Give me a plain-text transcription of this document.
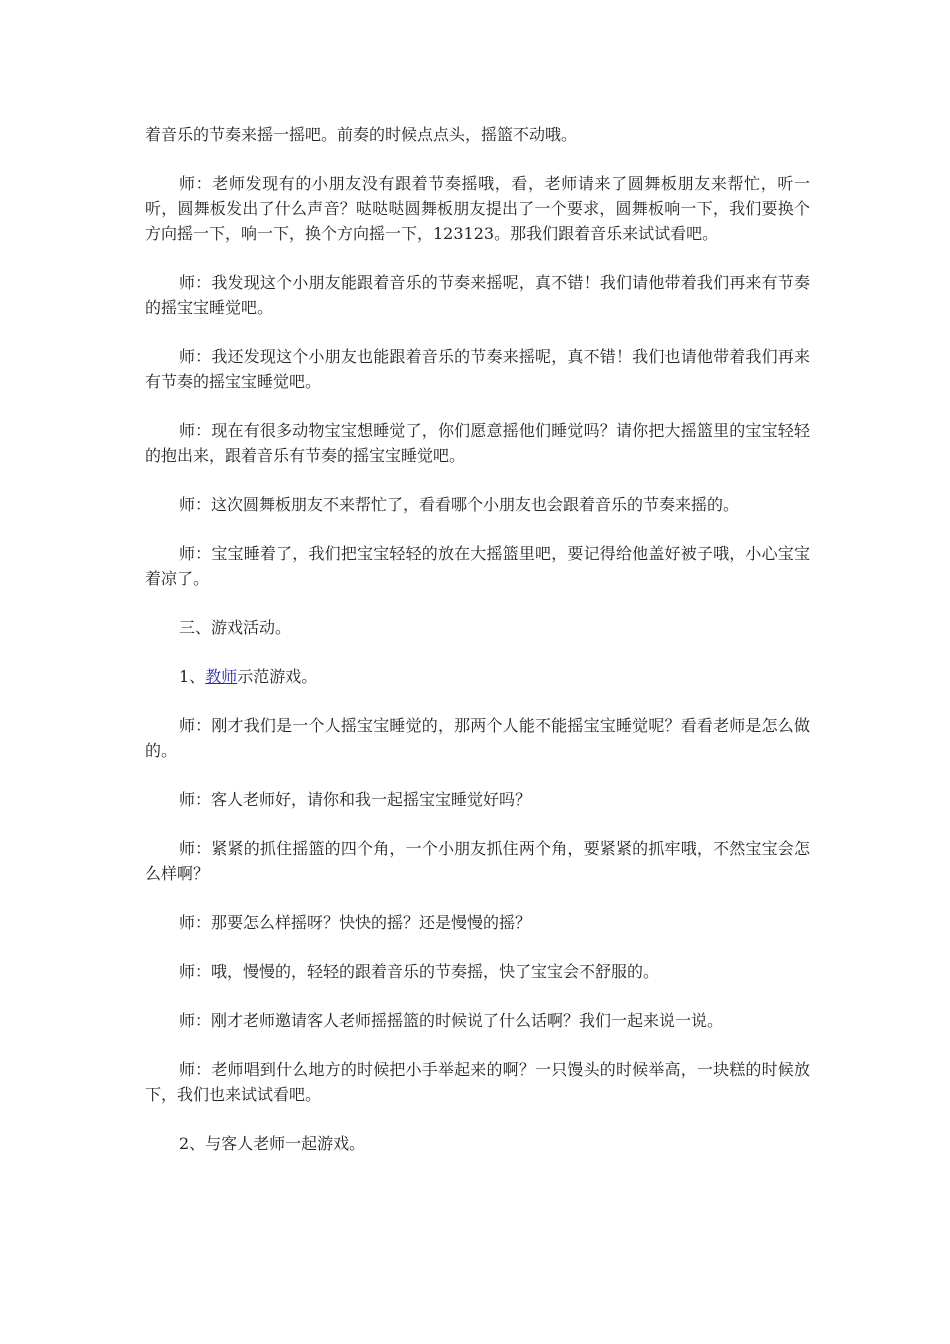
着音乐的节奏来摇一摇吧。前奏的时候点点头，摇篮不动哦。

师：老师发现有的小朋友没有跟着节奏摇哦，看，老师请来了圆舞板朋友来帮忙，听一听，圆舞板发出了什么声音？哒哒哒圆舞板朋友提出了一个要求，圆舞板响一下，我们要换个方向摇一下，响一下，换个方向摇一下，123123。那我们跟着音乐来试试看吧。

师：我发现这个小朋友能跟着音乐的节奏来摇呢，真不错！我们请他带着我们再来有节奏的摇宝宝睡觉吧。

师：我还发现这个小朋友也能跟着音乐的节奏来摇呢，真不错！我们也请他带着我们再来有节奏的摇宝宝睡觉吧。

师：现在有很多动物宝宝想睡觉了，你们愿意摇他们睡觉吗？请你把大摇篮里的宝宝轻轻的抱出来，跟着音乐有节奏的摇宝宝睡觉吧。

师：这次圆舞板朋友不来帮忙了，看看哪个小朋友也会跟着音乐的节奏来摇的。

师：宝宝睡着了，我们把宝宝轻轻的放在大摇篮里吧，要记得给他盖好被子哦，小心宝宝着凉了。

三、游戏活动。

1、教师示范游戏。

师：刚才我们是一个人摇宝宝睡觉的，那两个人能不能摇宝宝睡觉呢？看看老师是怎么做的。

师：客人老师好，请你和我一起摇宝宝睡觉好吗？

师：紧紧的抓住摇篮的四个角，一个小朋友抓住两个角，要紧紧的抓牢哦，不然宝宝会怎么样啊？

师：那要怎么样摇呀？快快的摇？还是慢慢的摇？

师：哦，慢慢的，轻轻的跟着音乐的节奏摇，快了宝宝会不舒服的。

师：刚才老师邀请客人老师摇摇篮的时候说了什么话啊？我们一起来说一说。

师：老师唱到什么地方的时候把小手举起来的啊？一只馒头的时候举高，一块糕的时候放下，我们也来试试看吧。

2、与客人老师一起游戏。
